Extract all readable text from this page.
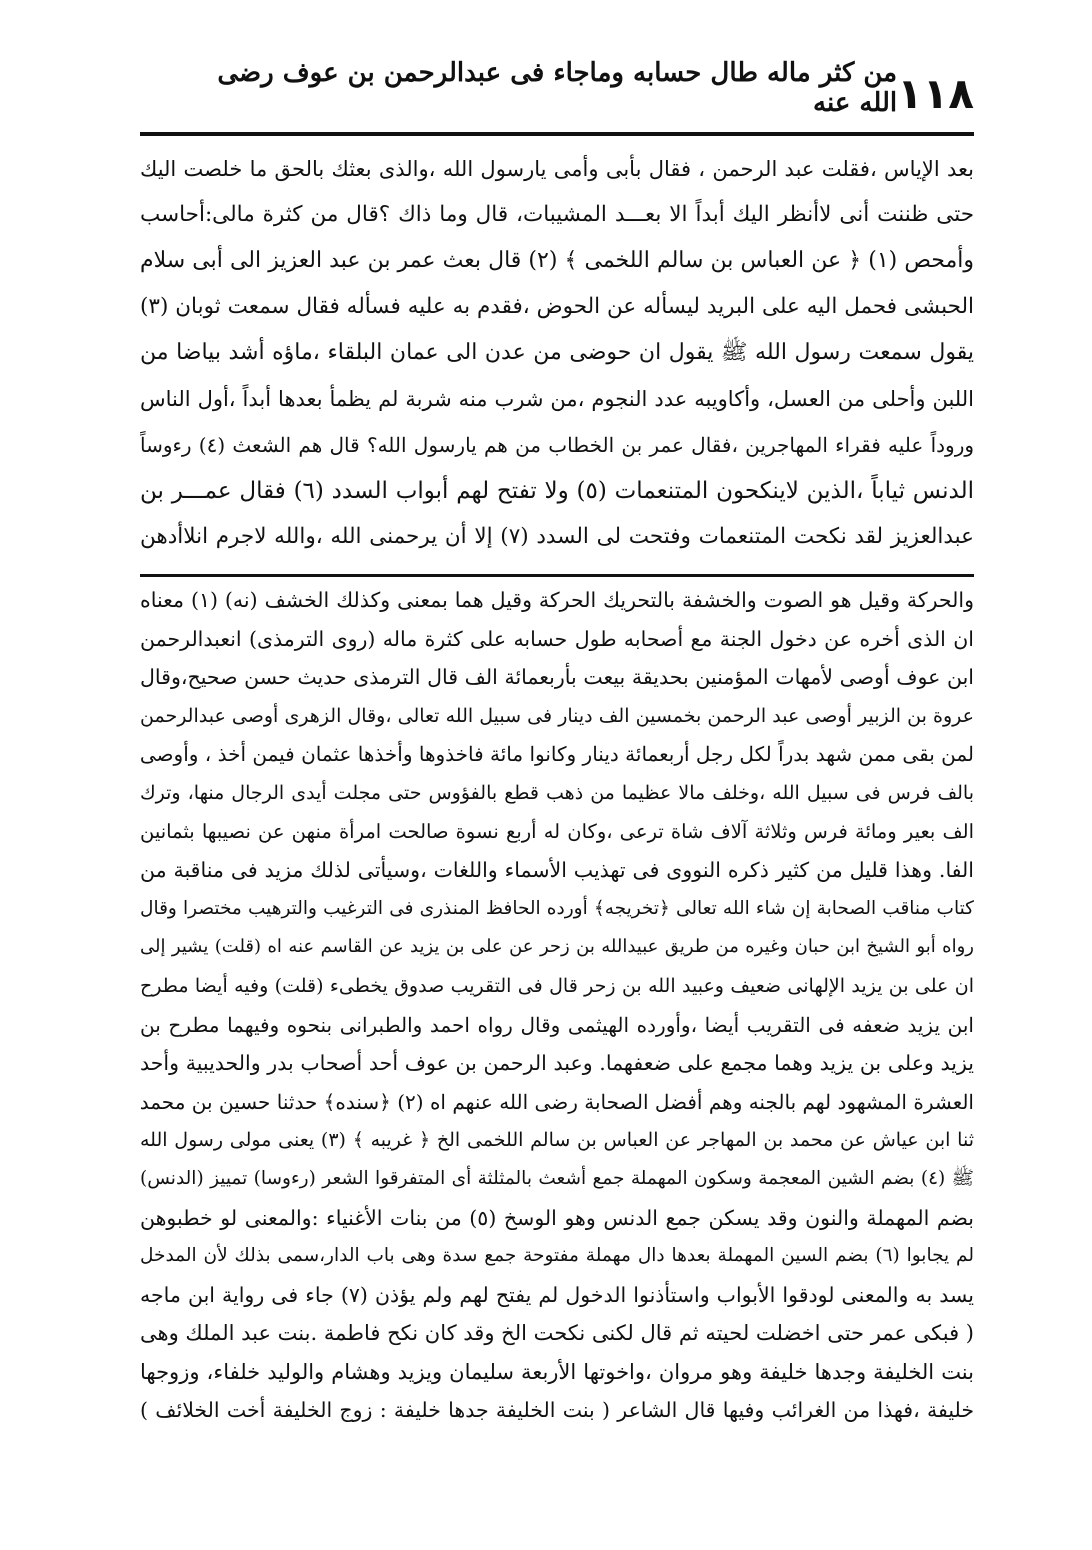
١١٨
من كثر ماله طال حسابه وماجاء فى عبدالرحمن بن عوف رضى الله عنه
بعد الإياس ،فقلت عبد الرحمن ، فقال بأبى وأمى يارسول الله ،والذى بعثك بالحق ما خلصت اليك
حتى ظننت أنى لاأنظر اليك أبداً الا بعـــد المشيبات، قال وما ذاك ؟قال من كثرة مالى:أحاسب
وأمحص (١) ﴿ عن العباس بن سالم اللخمى ﴾ (٢) قال بعث عمر بن عبد العزيز الى أبى سلام
الحبشى فحمل اليه على البريد ليسأله عن الحوض ،فقدم به عليه فسأله فقال سمعت ثوبان (٣)
يقول سمعت رسول الله ﷺ يقول ان حوضى من عدن الى عمان البلقاء ،ماؤه أشد بياضا من
اللبن وأحلى من العسل، وأكاويبه عدد النجوم ،من شرب منه شربة لم يظمأ بعدها أبداً ،أول الناس
وروداً عليه فقراء المهاجرين ،فقال عمر بن الخطاب من هم يارسول الله؟ قال هم الشعث (٤) رءوساً
الدنس ثياباً ،الذين لاينكحون المتنعمات (٥) ولا تفتح لهم أبواب السدد (٦) فقال عمـــر بن
عبدالعزيز لقد نكحت المتنعمات وفتحت لى السدد (٧) إلا أن يرحمنى الله ،والله لاجرم انلاأدهن
والحركة وقيل هو الصوت والخشفة بالتحريك الحركة وقيل هما بمعنى وكذلك الخشف (نه) (١) معناه
ان الذى أخره عن دخول الجنة مع أصحابه طول حسابه على كثرة ماله (روى الترمذى) انعبدالرحمن
ابن عوف أوصى لأمهات المؤمنين بحديقة بيعت بأربعمائة الف قال الترمذى حديث حسن صحيح،وقال
عروة بن الزبير أوصى عبد الرحمن بخمسين الف دينار فى سبيل الله تعالى ،وقال الزهرى أوصى عبدالرحمن
لمن بقى ممن شهد بدراً لكل رجل أربعمائة دينار وكانوا مائة فاخذوها وأخذها عثمان فيمن أخذ ، وأوصى
بالف فرس فى سبيل الله ،وخلف مالا عظيما من ذهب قطع بالفؤوس حتى مجلت أيدى الرجال منها، وترك
الف بعير ومائة فرس وثلاثة آلاف شاة ترعى ،وكان له أربع نسوة صالحت امرأة منهن عن نصيبها بثمانين
الفا. وهذا قليل من كثير ذكره النووى فى تهذيب الأسماء واللغات ،وسيأتى لذلك مزيد فى مناقبة من
كتاب مناقب الصحابة إن شاء الله تعالى ﴿تخريجه﴾ أورده الحافظ المنذرى فى الترغيب والترهيب مختصرا وقال
رواه أبو الشيخ ابن حبان وغيره من طريق عبيدالله بن زحر عن على بن يزيد عن القاسم عنه اه (قلت) يشير إلى
ان على بن يزيد الإلهانى ضعيف وعبيد الله بن زحر قال فى التقريب صدوق يخطىء (قلت) وفيه أيضا مطرح
ابن يزيد ضعفه فى التقريب أيضا ،وأورده الهيثمى وقال رواه احمد والطبرانى بنحوه وفيهما مطرح بن
يزيد وعلى بن يزيد وهما مجمع على ضعفهما. وعبد الرحمن بن عوف أحد أصحاب بدر والحديبية وأحد
العشرة المشهود لهم بالجنه وهم أفضل الصحابة رضى الله عنهم اه (٢) ﴿سنده﴾ حدثنا حسين بن محمد
ثنا ابن عياش عن محمد بن المهاجر عن العباس بن سالم اللخمى الخ ﴿ غريبه ﴾ (٣) يعنى مولى رسول الله
ﷺ (٤) بضم الشين المعجمة وسكون المهملة جمع أشعث بالمثلثة أى المتفرقوا الشعر (رءوسا) تمييز (الدنس)
بضم المهملة والنون وقد يسكن جمع الدنس وهو الوسخ (٥) من بنات الأغنياء :والمعنى لو خطبوهن
لم يجابوا (٦) بضم السين المهملة بعدها دال مهملة مفتوحة جمع سدة وهى باب الدار،سمى بذلك لأن المدخل
يسد به والمعنى لودقوا الأبواب واستأذنوا الدخول لم يفتح لهم ولم يؤذن (٧) جاء فى رواية ابن ماجه
( فبكى عمر حتى اخضلت لحيته ثم قال لكنى نكحت الخ وقد كان نكح فاطمة .بنت عبد الملك وهى
بنت الخليفة وجدها خليفة وهو مروان ،واخوتها الأربعة سليمان ويزيد وهشام والوليد خلفاء، وزوجها
خليفة ،فهذا من الغرائب وفيها قال الشاعر ( بنت الخليفة جدها خليفة : زوج الخليفة أخت الخلائف )
